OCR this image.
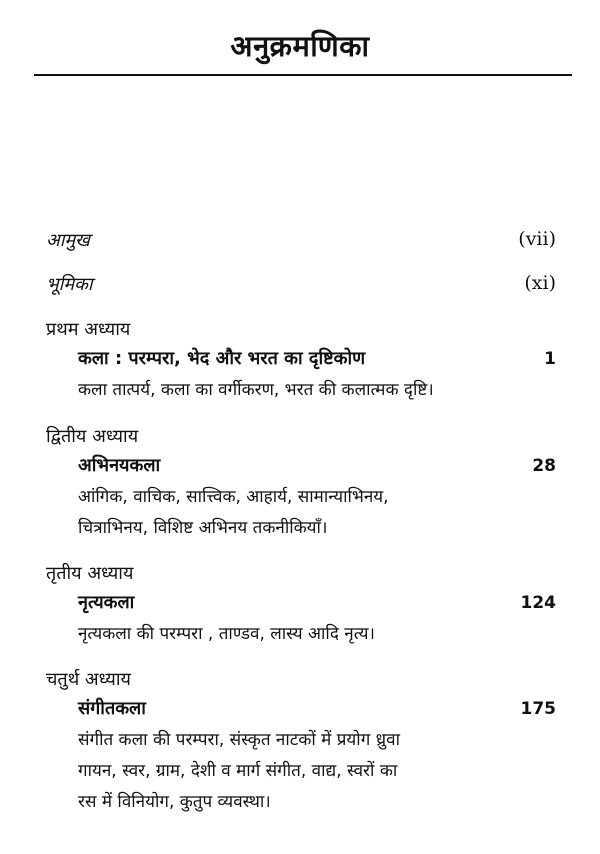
अनुक्रमणिका
आमुख	(vii)
भूमिका	(xi)
प्रथम अध्याय
कला : परम्परा, भेद और भरत का दृष्टिकोण	1
कला तात्पर्य, कला का वर्गीकरण, भरत की कलात्मक दृष्टि।
द्वितीय अध्याय
अभिनयकला	28
आंगिक, वाचिक, सात्त्विक, आहार्य, सामान्याभिनय,
चित्राभिनय, विशिष्ट अभिनय तकनीकियाँ।
तृतीय अध्याय
नृत्यकला	124
नृत्यकला की परम्परा , ताण्डव, लास्य आदि नृत्य।
चतुर्थ अध्याय
संगीतकला	175
संगीत कला की परम्परा, संस्कृत नाटकों में प्रयोग ध्रुवा
गायन, स्वर, ग्राम, देशी व मार्ग संगीत, वाद्य, स्वरों का
रस में विनियोग, कुतुप व्यवस्था।
